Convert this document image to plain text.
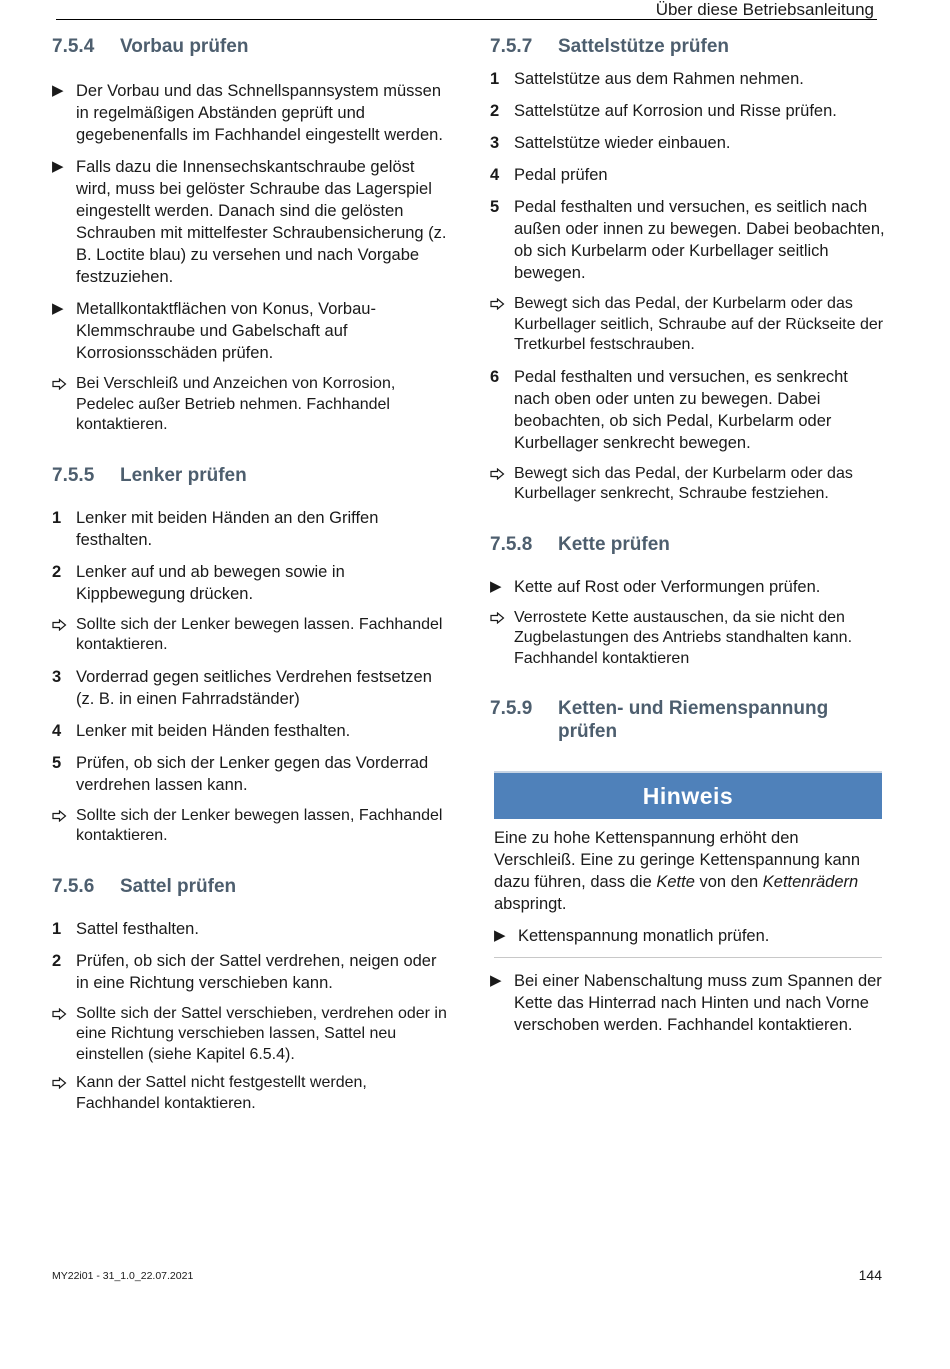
Über diese Betriebsanleitung
7.5.4	Vorbau prüfen
▶ Der Vorbau und das Schnellspannsystem müssen in regelmäßigen Abständen geprüft und gegebenenfalls im Fachhandel eingestellt werden.
▶ Falls dazu die Innensechskantschraube gelöst wird, muss bei gelöster Schraube das Lagerspiel eingestellt werden. Danach sind die gelösten Schrauben mit mittelfester Schraubensicherung (z. B. Loctite blau) zu versehen und nach Vorgabe festzuziehen.
▶ Metallkontaktflächen von Konus, Vorbau-Klemmschraube und Gabelschaft auf Korrosionsschäden prüfen.
Bei Verschleiß und Anzeichen von Korrosion, Pedelec außer Betrieb nehmen. Fachhandel kontaktieren.
7.5.5	Lenker prüfen
1 Lenker mit beiden Händen an den Griffen festhalten.
2 Lenker auf und ab bewegen sowie in Kippbewegung drücken.
Sollte sich der Lenker bewegen lassen. Fachhandel kontaktieren.
3 Vorderrad gegen seitliches Verdrehen festsetzen (z. B. in einen Fahrradständer)
4 Lenker mit beiden Händen festhalten.
5 Prüfen, ob sich der Lenker gegen das Vorderrad verdrehen lassen kann.
Sollte sich der Lenker bewegen lassen, Fachhandel kontaktieren.
7.5.6	Sattel prüfen
1 Sattel festhalten.
2 Prüfen, ob sich der Sattel verdrehen, neigen oder in eine Richtung verschieben kann.
Sollte sich der Sattel verschieben, verdrehen oder in eine Richtung verschieben lassen, Sattel neu einstellen (siehe Kapitel 6.5.4).
Kann der Sattel nicht festgestellt werden, Fachhandel kontaktieren.
7.5.7	Sattelstütze prüfen
1 Sattelstütze aus dem Rahmen nehmen.
2 Sattelstütze auf Korrosion und Risse prüfen.
3 Sattelstütze wieder einbauen.
4 Pedal prüfen
5 Pedal festhalten und versuchen, es seitlich nach außen oder innen zu bewegen. Dabei beobachten, ob sich Kurbelarm oder Kurbellager seitlich bewegen.
Bewegt sich das Pedal, der Kurbelarm oder das Kurbellager seitlich, Schraube auf der Rückseite der Tretkurbel festschrauben.
6 Pedal festhalten und versuchen, es senkrecht nach oben oder unten zu bewegen. Dabei beobachten, ob sich Pedal, Kurbelarm oder Kurbellager senkrecht bewegen.
Bewegt sich das Pedal, der Kurbelarm oder das Kurbellager senkrecht, Schraube festziehen.
7.5.8	Kette prüfen
▶ Kette auf Rost oder Verformungen prüfen.
Verrostete Kette austauschen, da sie nicht den Zugbelastungen des Antriebs standhalten kann. Fachhandel kontaktieren
7.5.9	Ketten- und Riemenspannung prüfen
Hinweis
Eine zu hohe Kettenspannung erhöht den Verschleiß. Eine zu geringe Kettenspannung kann dazu führen, dass die Kette von den Kettenrädern abspringt.
▶ Kettenspannung monatlich prüfen.
▶ Bei einer Nabenschaltung muss zum Spannen der Kette das Hinterrad nach Hinten und nach Vorne verschoben werden. Fachhandel kontaktieren.
MY22i01 - 31_1.0_22.07.2021	144
